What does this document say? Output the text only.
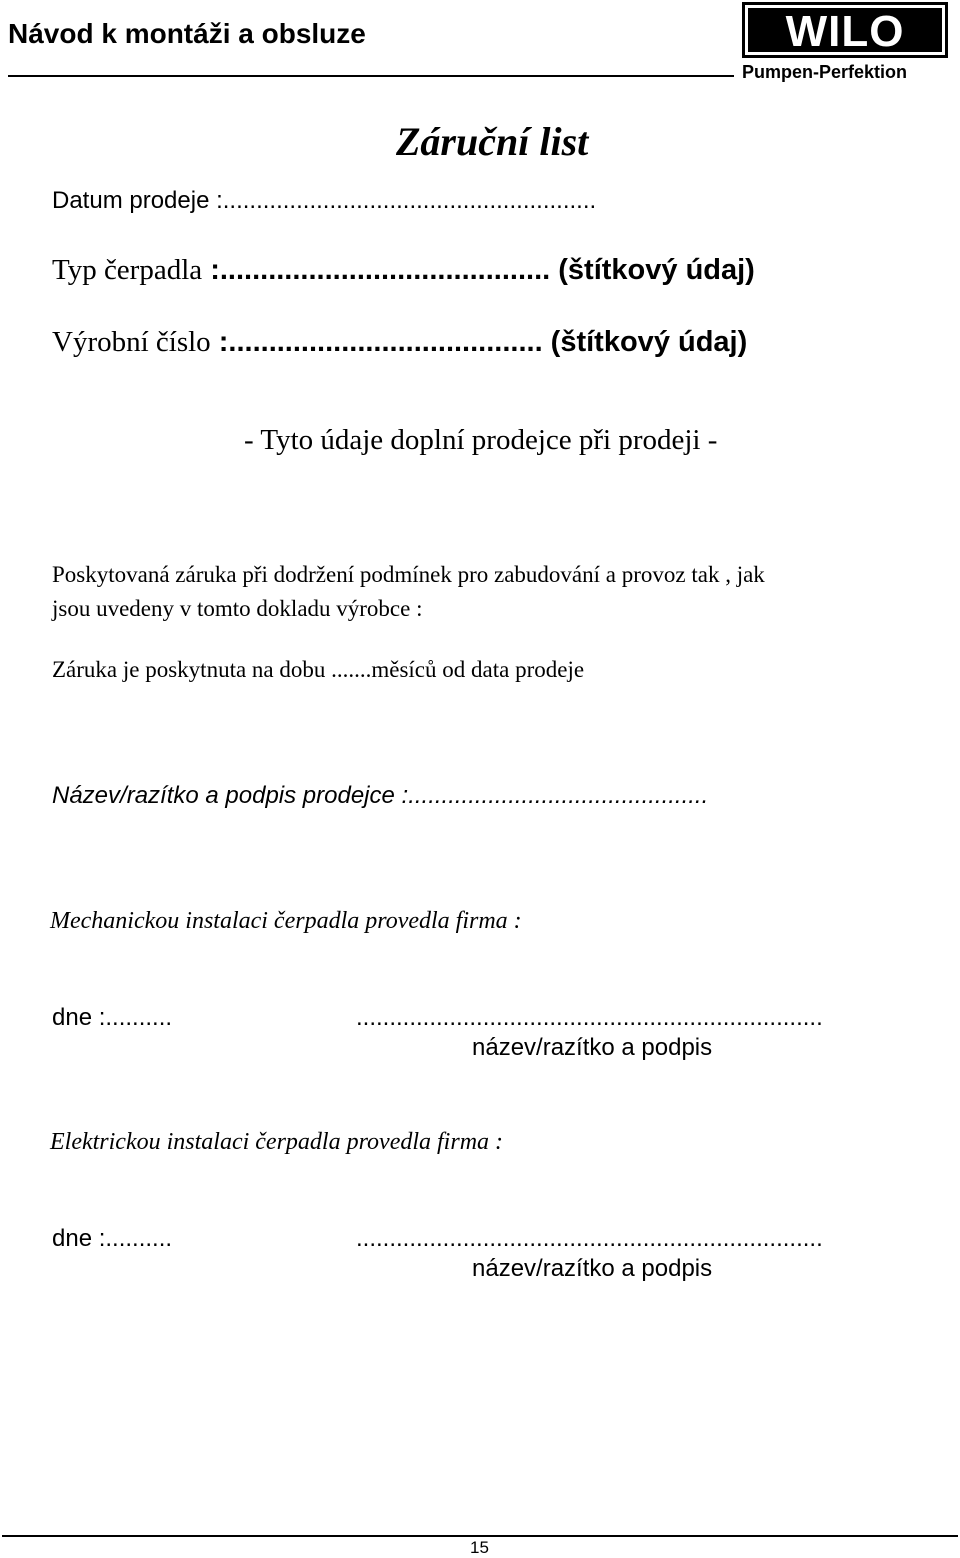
Návod k montáži a obsluze	WILO
Pumpen-Perfektion
Záruční list
Typ čerpadla :......................................... (štítkový údaj)
Výrobní číslo :....................................... (štítkový údaj)
- Tyto údaje doplní prodejce při prodeji -
Datum prodeje :........................................................
Poskytovaná záruka při dodržení podmínek pro zabudování a provoz tak , jak
jsou uvedeny v tomto dokladu výrobce :
Záruka je poskytnuta na dobu .......měsíců od data prodeje
Název/razítko a podpis prodejce :.............................................
Mechanickou instalaci čerpadla provedla firma :
dne :..........	......................................................................
název/razítko a podpis
Elektrickou instalaci čerpadla provedla firma :
dne :..........	......................................................................
název/razítko a podpis
15
